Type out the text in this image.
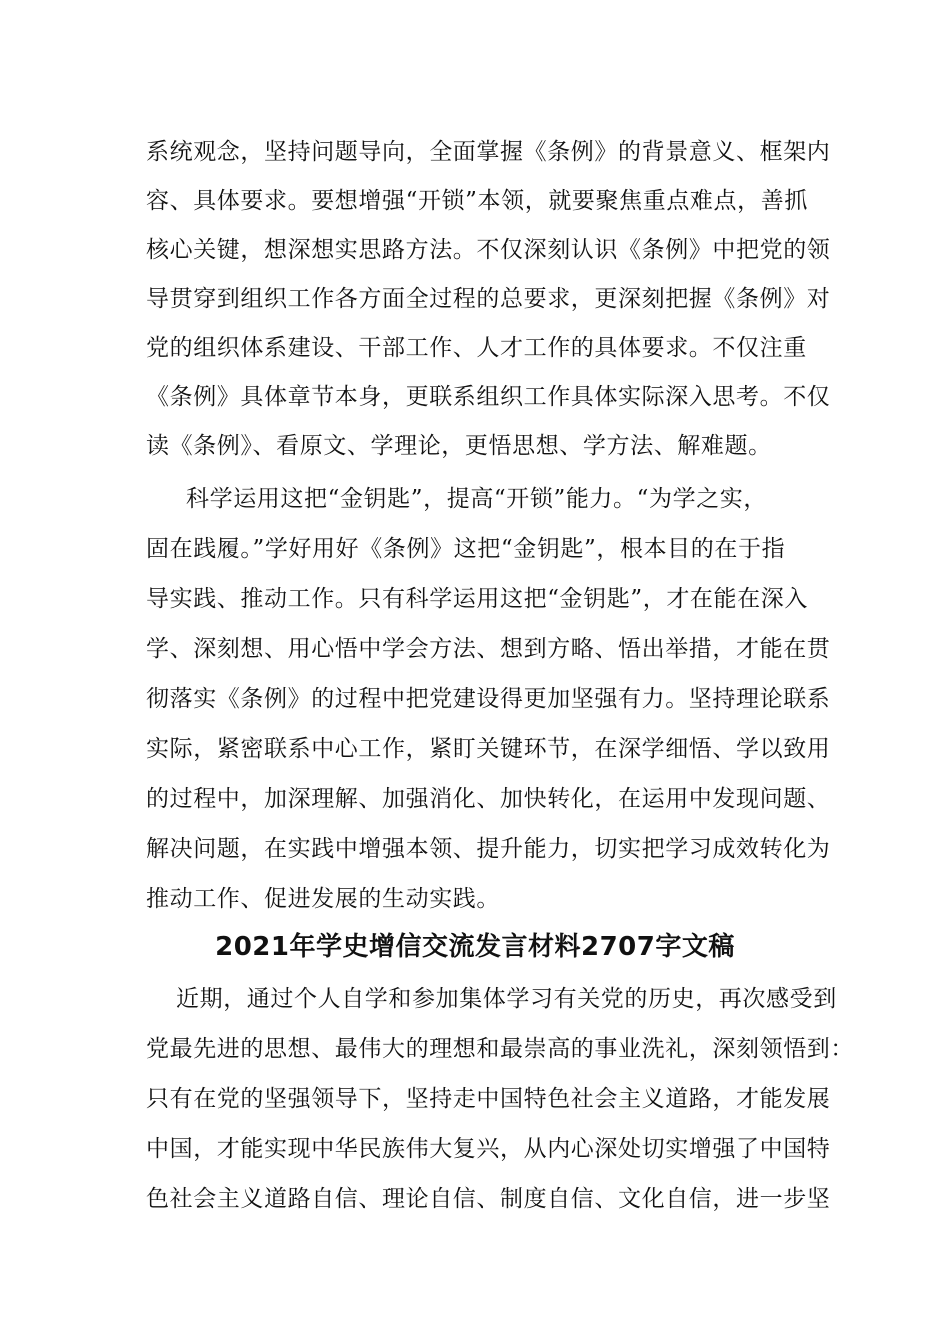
系统观念，坚持问题导向，全面掌握《条例》的背景意义、框架内
容、具体要求。要想增强“开锁”本领，就要聚焦重点难点，善抓
核心关键，想深想实思路方法。不仅深刻认识《条例》中把党的领
导贯穿到组织工作各方面全过程的总要求，更深刻把握《条例》对
党的组织体系建设、干部工作、人才工作的具体要求。不仅注重
《条例》具体章节本身，更联系组织工作具体实际深入思考。不仅
读《条例》、看原文、学理论，更悟思想、学方法、解难题。
科学运用这把“金钥匙”，提高“开锁”能力。“为学之实，
固在践履。”学好用好《条例》这把“金钥匙”，根本目的在于指
导实践、推动工作。只有科学运用这把“金钥匙”，才在能在深入
学、深刻想、用心悟中学会方法、想到方略、悟出举措，才能在贯
彻落实《条例》的过程中把党建设得更加坚强有力。坚持理论联系
实际，紧密联系中心工作，紧盯关键环节，在深学细悟、学以致用
的过程中，加深理解、加强消化、加快转化，在运用中发现问题、
解决问题，在实践中增强本领、提升能力，切实把学习成效转化为
推动工作、促进发展的生动实践。
2021年学史增信交流发言材料2707字文稿
近期，通过个人自学和参加集体学习有关党的历史，再次感受到
党最先进的思想、最伟大的理想和最崇高的事业洗礼，深刻领悟到：
只有在党的坚强领导下，坚持走中国特色社会主义道路，才能发展
中国，才能实现中华民族伟大复兴，从内心深处切实增强了中国特
色社会主义道路自信、理论自信、制度自信、文化自信，进一步坚
